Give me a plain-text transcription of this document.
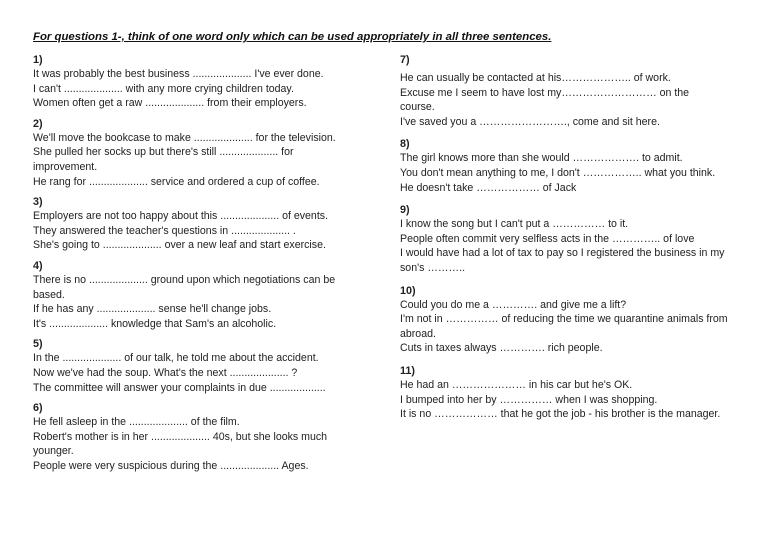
For questions 1-, think of one word only which can be used appropriately in all three sentences.

1)

It was probably the best business .................... I've ever done.

I can't .................... with any more crying children today.

Women often get a raw .................... from their employers.

2)

We'll move the bookcase to make .................... for the television.

She pulled her socks up but there's still .................... for improvement.

He rang for .................... service and ordered a cup of coffee.

3)

Employers are not too happy about this .................... of events.

They answered the teacher's questions in .................... .

She's going to .................... over a new leaf and start exercise.

4)

There is no .................... ground upon which negotiations can be based.

If he has any .................... sense he'll change jobs.

It's .................... knowledge that Sam's an alcoholic.

5)

In the .................... of our talk, he told me about the accident.

Now we've had the soup. What's the next .................... ?

The committee will answer your complaints in due ...................

6)

He fell asleep in the .................... of the film.

Robert's mother is in her .................... 40s, but she looks much younger.

People were very suspicious during the .................... Ages.

7)

He can usually be contacted at his……………….. of work.

Excuse me I seem to have lost my……………………… on the course.

I've saved you a ……………………., come and sit here.

8)

The girl knows more than she would ………………. to admit.

You don't mean anything to me, I don't …………….. what you think.

He doesn't take ……………… of Jack

9)

I know the song but I can't put a …………… to it.

People often commit very selfless acts in the ………….. of love

I would have had a lot of tax to pay so I registered the business in my son's ………..

10)

Could you do me a …………. and give me a lift?

I'm not in …………… of reducing the time we quarantine animals from abroad.

Cuts in taxes always …………. rich people.

11)

He had an ………………… in his car but he's OK.

I bumped into her by …………… when I was shopping.

It is no ……………… that he got the job - his brother is the manager.
